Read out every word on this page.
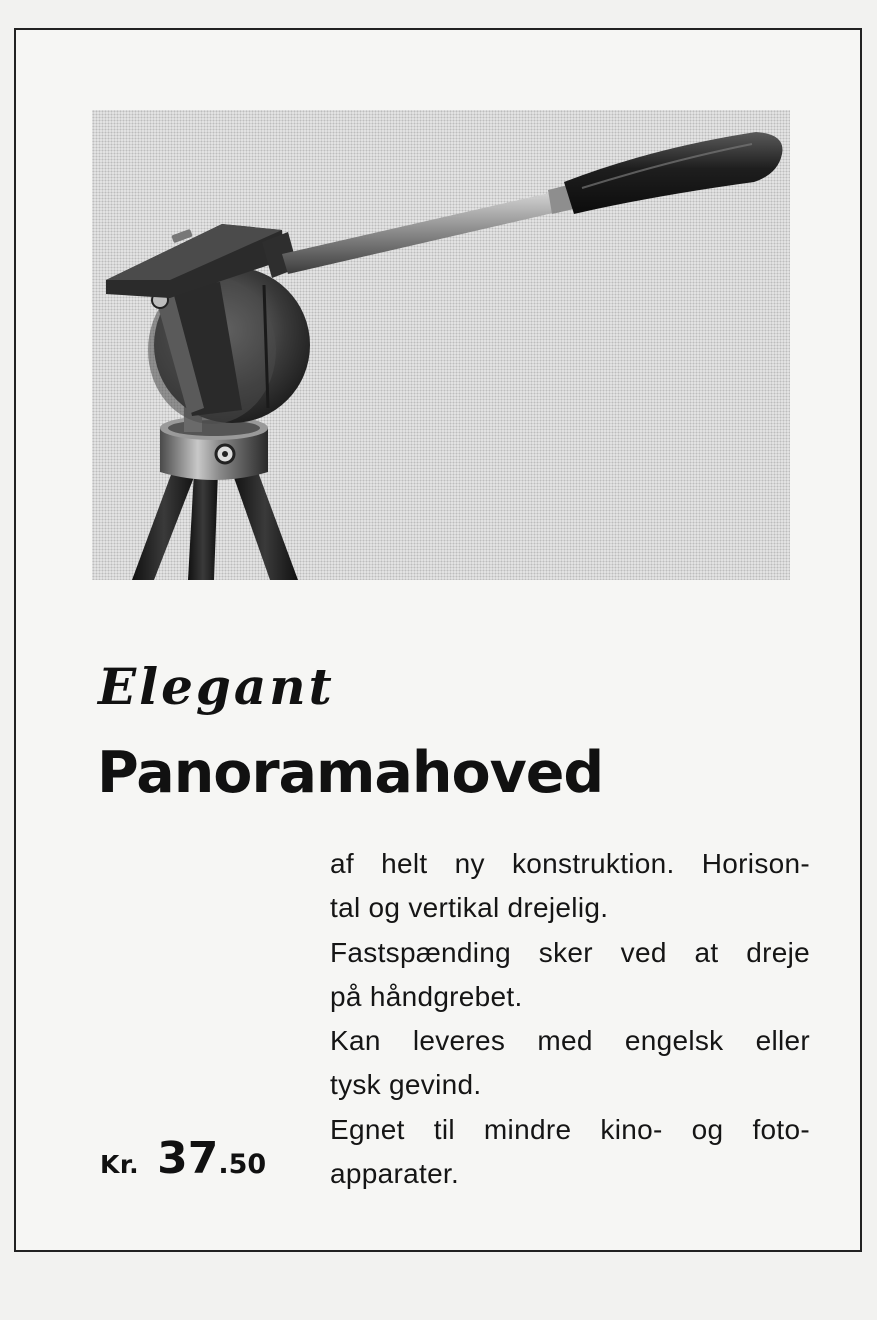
Elegant
Panoramahoved
af helt ny konstruktion. Horison-
tal og vertikal drejelig.
Fastspænding sker ved at dreje
på håndgrebet.
Kan leveres med engelsk eller
tysk gevind.
Egnet til mindre kino- og foto-
apparater.
Kr. 37.50
